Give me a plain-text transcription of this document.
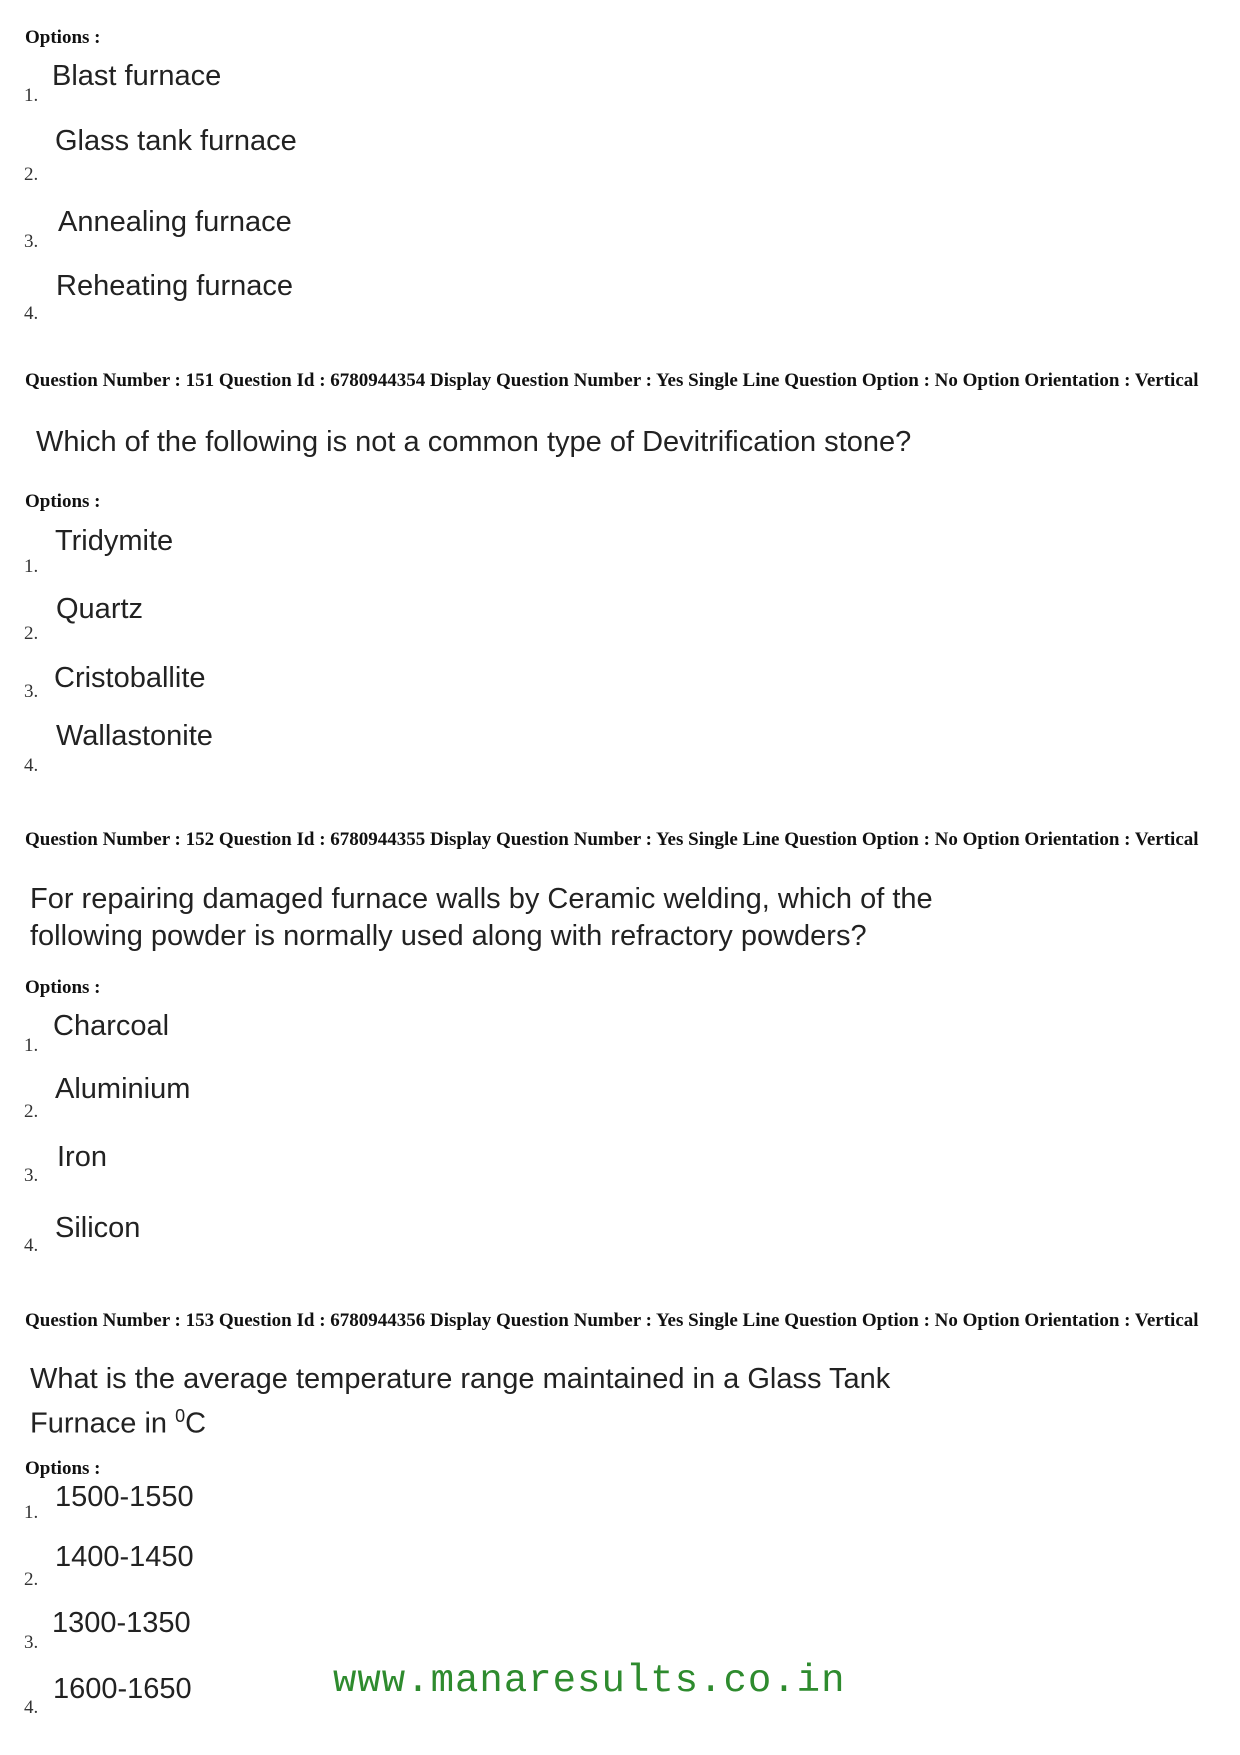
Options :
1.
Blast furnace
2.
Glass tank furnace
3.
Annealing furnace
4.
Reheating furnace
Question Number : 151 Question Id : 6780944354 Display Question Number : Yes Single Line Question Option : No Option Orientation : Vertical
Which of the following is not a common type of Devitrification stone?
Options :
1.
Tridymite
2.
Quartz
3. Cristoballite
4.
Wallastonite
Question Number : 152 Question Id : 6780944355 Display Question Number : Yes Single Line Question Option : No Option Orientation : Vertical
For repairing damaged furnace walls by Ceramic welding, which of the
following powder is normally used along with refractory powders?
Options :
1.
Charcoal
2.
Aluminium
3.
Iron
4.
Silicon
Question Number : 153 Question Id : 6780944356 Display Question Number : Yes Single Line Question Option : No Option Orientation : Vertical
What is the average temperature range maintained in a Glass Tank
Furnace in $^0$C
Options :
1. 1500-1550
2.
1400-1450
3.
1300-1350
4.
1600-1650	www.manaresults.co.in
